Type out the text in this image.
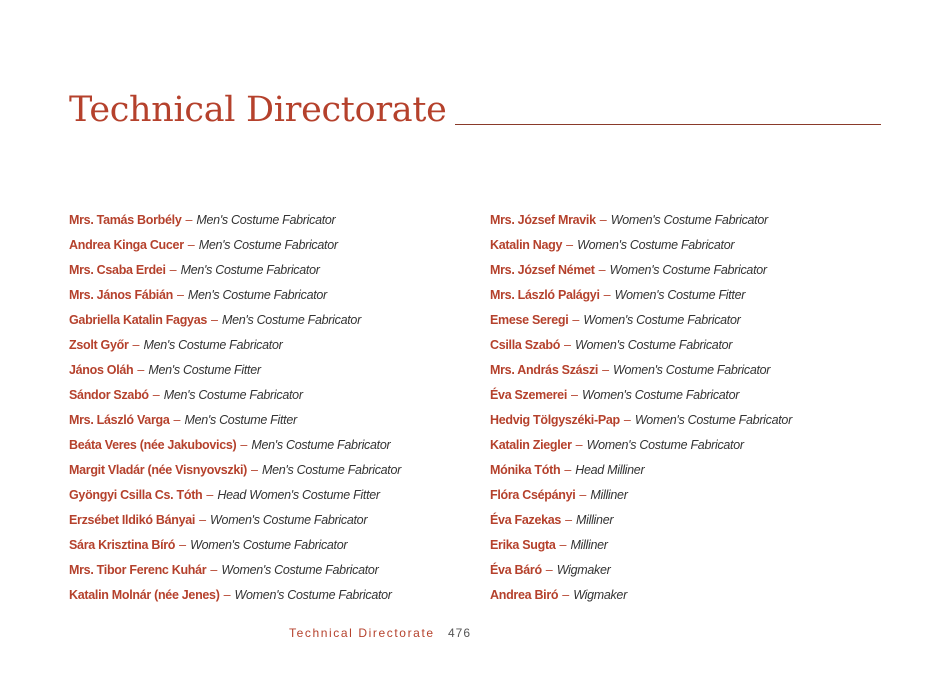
Technical Directorate
Mrs. Tamás Borbély – Men's Costume Fabricator
Andrea Kinga Cucer – Men's Costume Fabricator
Mrs. Csaba Erdei – Men's Costume Fabricator
Mrs. János Fábián – Men's Costume Fabricator
Gabriella Katalin Fagyas – Men's Costume Fabricator
Zsolt Győr – Men's Costume Fabricator
János Oláh – Men's Costume Fitter
Sándor Szabó – Men's Costume Fabricator
Mrs. László Varga – Men's Costume Fitter
Beáta Veres (née Jakubovics) – Men's Costume Fabricator
Margit Vladár (née Visnyovszki) – Men's Costume Fabricator
Gyöngyi Csilla Cs. Tóth – Head Women's Costume Fitter
Erzsébet Ildikó Bányai – Women's Costume Fabricator
Sára Krisztina Bíró – Women's Costume Fabricator
Mrs. Tibor Ferenc Kuhár – Women's Costume Fabricator
Katalin Molnár (née Jenes) – Women's Costume Fabricator
Mrs. József Mravik – Women's Costume Fabricator
Katalin Nagy – Women's Costume Fabricator
Mrs. József Német – Women's Costume Fabricator
Mrs. László Palágyi – Women's Costume Fitter
Emese Seregi – Women's Costume Fabricator
Csilla Szabó – Women's Costume Fabricator
Mrs. András Szászi – Women's Costume Fabricator
Éva Szemerei – Women's Costume Fabricator
Hedvig Tölgyszéki-Pap – Women's Costume Fabricator
Katalin Ziegler – Women's Costume Fabricator
Mónika Tóth – Head Milliner
Flóra Csépányi – Milliner
Éva Fazekas – Milliner
Erika Sugta – Milliner
Éva Báró – Wigmaker
Andrea Biró – Wigmaker
Technical Directorate 476
